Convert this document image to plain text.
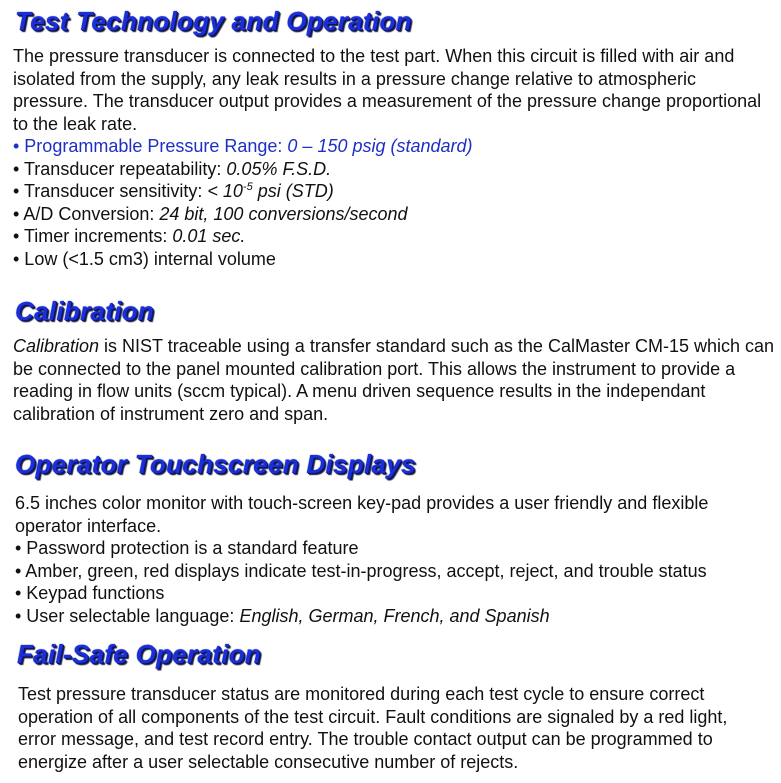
Test Technology and Operation

The pressure transducer is connected to the test part. When this circuit is filled with air and isolated from the supply, any leak results in a pressure change relative to atmospheric pressure. The transducer output provides a measurement of the pressure change proportional to the leak rate.

• Programmable Pressure Range: 0 – 150 psig (standard)
• Transducer repeatability: 0.05% F.S.D.
• Transducer sensitivity: < $10^{-5}$ psi (STD)
• A/D Conversion: 24 bit, 100 conversions/second
• Timer increments: 0.01 sec.
• Low (<1.5 cm3) internal volume
Calibration

Calibration is NIST traceable using a transfer standard such as the CalMaster CM-15 which can be connected to the panel mounted calibration port. This allows the instrument to provide a reading in flow units (sccm typical). A menu driven sequence results in the independant calibration of instrument zero and span.

Operator Touchscreen Displays

6.5 inches color monitor with touch-screen key-pad provides a user friendly and flexible operator interface.

• Password protection is a standard feature
• Amber, green, red displays indicate test-in-progress, accept, reject, and trouble status
• Keypad functions
• User selectable language: English, German, French, and Spanish
Fail-Safe Operation

Test pressure transducer status are monitored during each test cycle to ensure correct operation of all components of the test circuit. Fault conditions are signaled by a red light, error message, and test record entry. The trouble contact output can be programmed to energize after a user selectable consecutive number of rejects.
